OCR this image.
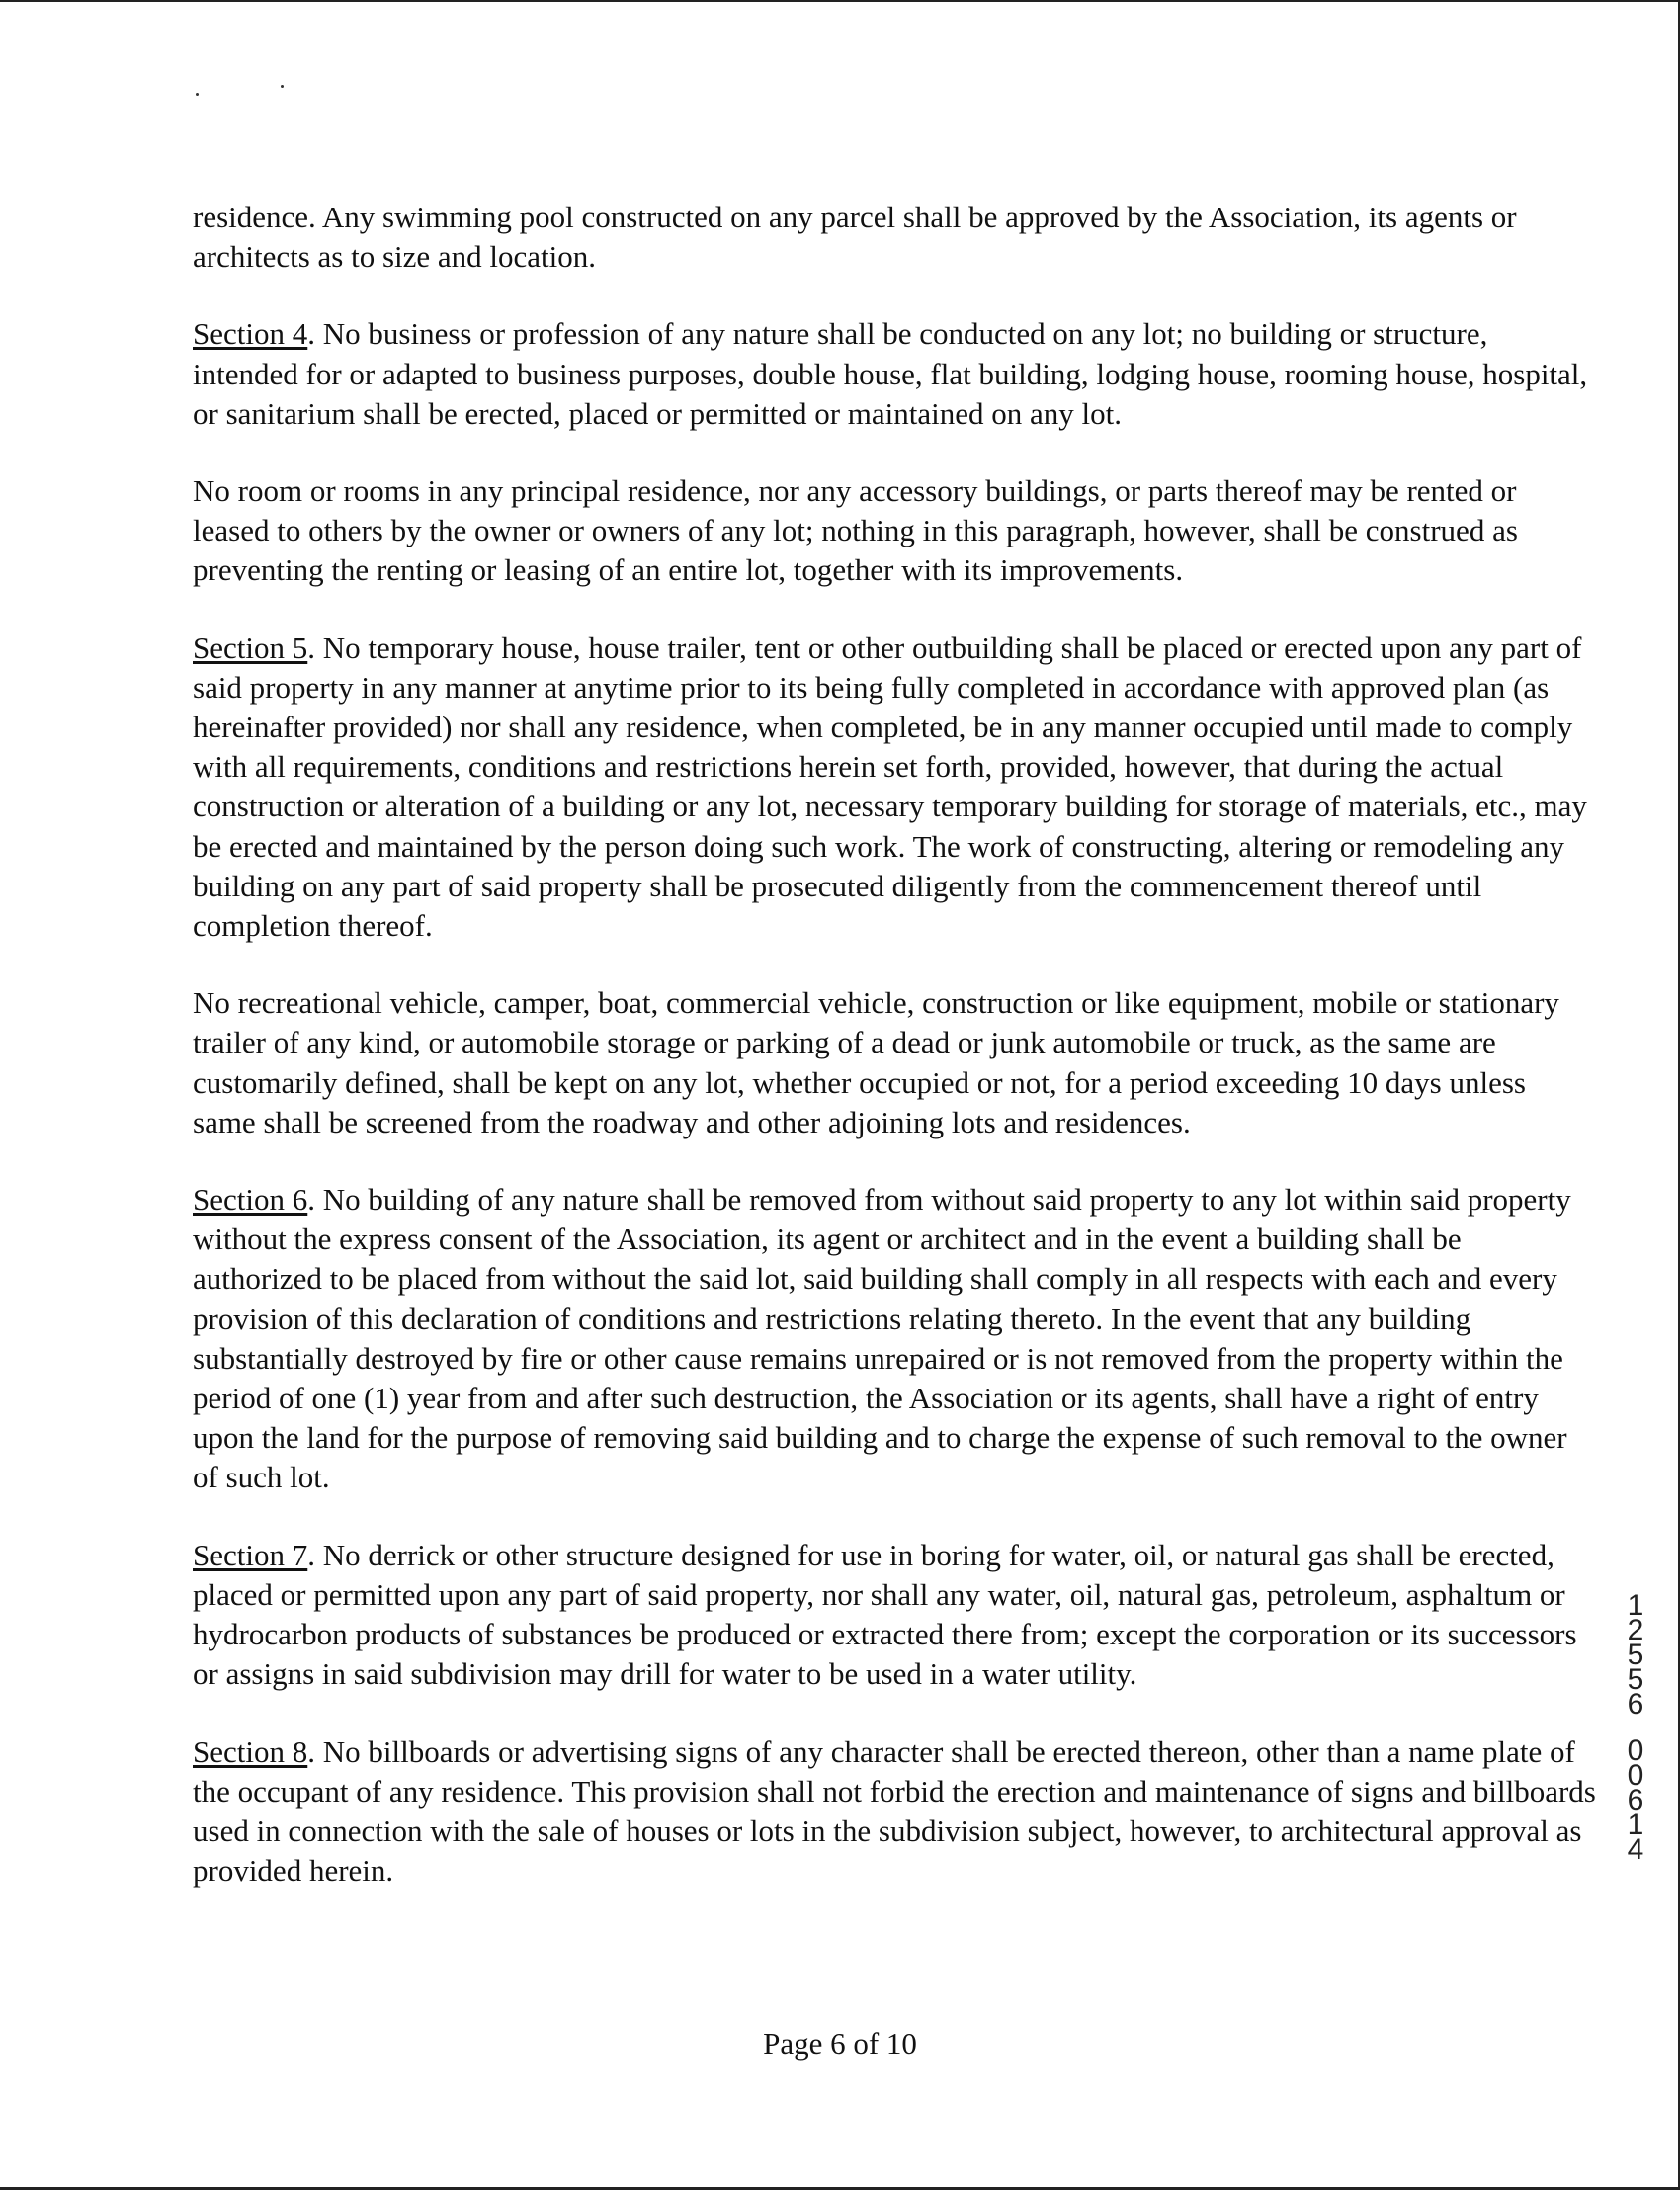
residence. Any swimming pool constructed on any parcel shall be approved by the Association, its agents or architects as to size and location.

Section 4. No business or profession of any nature shall be conducted on any lot; no building or structure, intended for or adapted to business purposes, double house, flat building, lodging house, rooming house, hospital, or sanitarium shall be erected, placed or permitted or maintained on any lot.

No room or rooms in any principal residence, nor any accessory buildings, or parts thereof may be rented or leased to others by the owner or owners of any lot; nothing in this paragraph, however, shall be construed as preventing the renting or leasing of an entire lot, together with its improvements.

Section 5. No temporary house, house trailer, tent or other outbuilding shall be placed or erected upon any part of said property in any manner at anytime prior to its being fully completed in accordance with approved plan (as hereinafter provided) nor shall any residence, when completed, be in any manner occupied until made to comply with all requirements, conditions and restrictions herein set forth, provided, however, that during the actual construction or alteration of a building or any lot, necessary temporary building for storage of materials, etc., may be erected and maintained by the person doing such work. The work of constructing, altering or remodeling any building on any part of said property shall be prosecuted diligently from the commencement thereof until completion thereof.

No recreational vehicle, camper, boat, commercial vehicle, construction or like equipment, mobile or stationary trailer of any kind, or automobile storage or parking of a dead or junk automobile or truck, as the same are customarily defined, shall be kept on any lot, whether occupied or not, for a period exceeding 10 days unless same shall be screened from the roadway and other adjoining lots and residences.

Section 6. No building of any nature shall be removed from without said property to any lot within said property without the express consent of the Association, its agent or architect and in the event a building shall be authorized to be placed from without the said lot, said building shall comply in all respects with each and every provision of this declaration of conditions and restrictions relating thereto. In the event that any building substantially destroyed by fire or other cause remains unrepaired or is not removed from the property within the period of one (1) year from and after such destruction, the Association or its agents, shall have a right of entry upon the land for the purpose of removing said building and to charge the expense of such removal to the owner of such lot.

Section 7. No derrick or other structure designed for use in boring for water, oil, or natural gas shall be erected, placed or permitted upon any part of said property, nor shall any water, oil, natural gas, petroleum, asphaltum or hydrocarbon products of substances be produced or extracted there from; except the corporation or its successors or assigns in said subdivision may drill for water to be used in a water utility.

Section 8. No billboards or advertising signs of any character shall be erected thereon, other than a name plate of the occupant of any residence. This provision shall not forbid the erection and maintenance of signs and billboards used in connection with the sale of houses or lots in the subdivision subject, however, to architectural approval as provided herein.

Page 6 of 10
1
2
5
5
6
0
0
6
1
4
